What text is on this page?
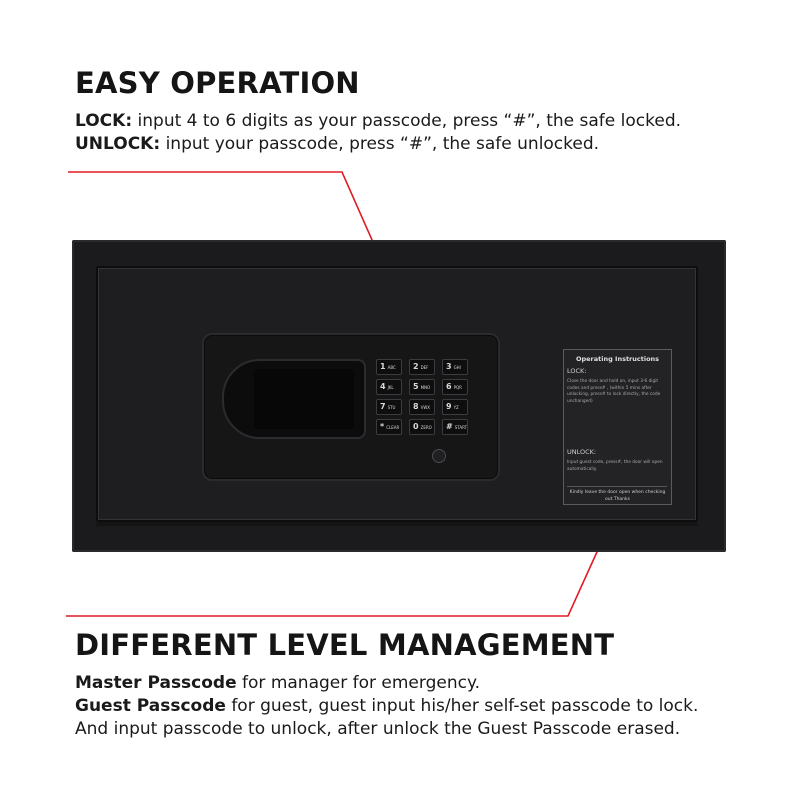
EASY OPERATION
LOCK: input 4 to 6 digits as your passcode, press “#”, the safe locked.
UNLOCK: input your passcode, press “#”, the safe unlocked.
1 ABC	2 DEF	3 GHI
4 JKL	5 MNO	6 PQR
7 STU	8 VWX	9 YZ
* CLEAR	0 ZERO	# START
Operating Instructions
LOCK:
Close the door and hold on, input 3-6 digit codes and press# , (within 5 mins after unlocking, press# to lock directly, the code unchanged)
UNLOCK:
Input guest code, press#, the door will open automatically.
Kindly leave the door open when checking out.Thanks
DIFFERENT LEVEL MANAGEMENT
Master Passcode for manager for emergency.
Guest Passcode for guest, guest input his/her self-set passcode to lock.
And input passcode to unlock, after unlock the Guest Passcode erased.
